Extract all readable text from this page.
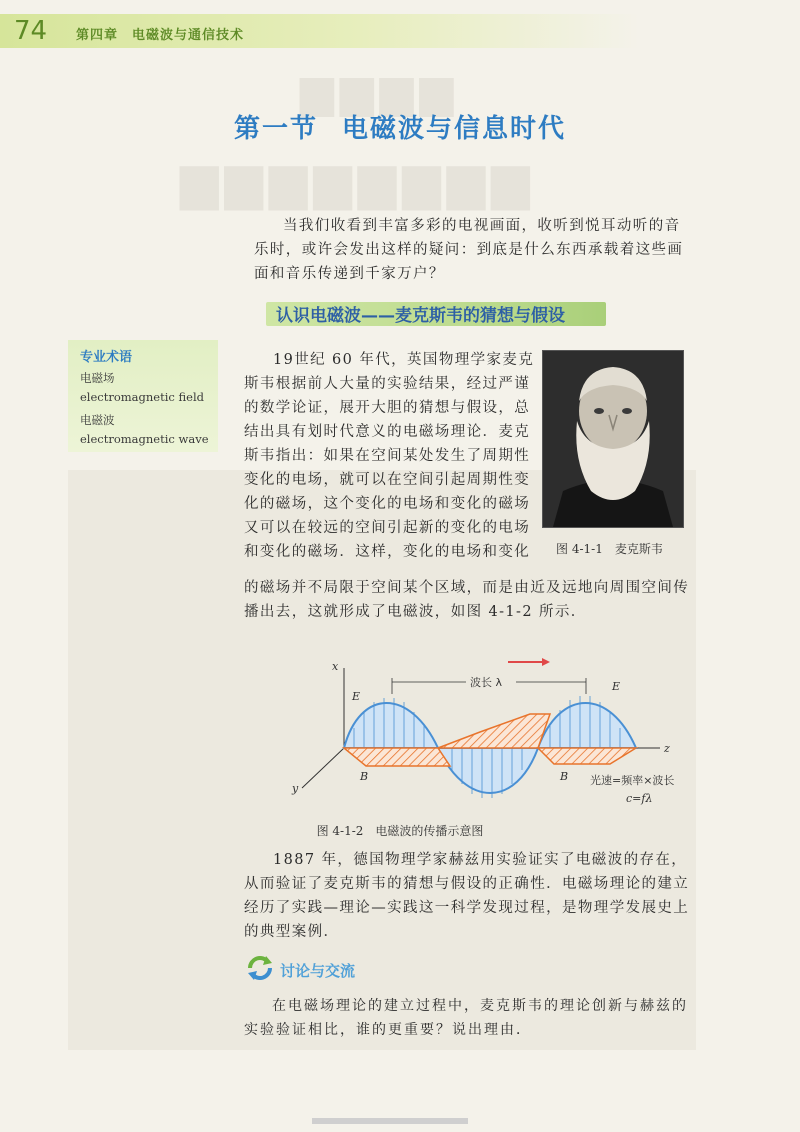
74 第四章 电磁波与通信技术
▆▆▆▆
▆▆▆▆▆▆▆▆
第一节 电磁波与信息时代
当我们收看到丰富多彩的电视画面，收听到悦耳动听的音乐时，或许会发出这样的疑问：到底是什么东西承载着这些画面和音乐传递到千家万户？
认识电磁波——麦克斯韦的猜想与假设
专业术语
电磁场
electromagnetic field
电磁波
electromagnetic wave
19世纪 60 年代，英国物理学家麦克斯韦根据前人大量的实验结果，经过严谨的数学论证，展开大胆的猜想与假设，总结出具有划时代意义的电磁场理论．麦克斯韦指出：如果在空间某处发生了周期性变化的电场，就可以在空间引起周期性变化的磁场，这个变化的电场和变化的磁场又可以在较远的空间引起新的变化的电场和变化的磁场．这样，变化的电场和变化	图 4-1-1　麦克斯韦
的磁场并不局限于空间某个区域，而是由近及远地向周围空间传播出去，这就形成了电磁波，如图 4-1-2 所示．
x
z
y
波长 λ
E
E
B	B 光速=频率×波长
c=fλ
图 4-1-2　电磁波的传播示意图
1887 年，德国物理学家赫兹用实验证实了电磁波的存在，从而验证了麦克斯韦的猜想与假设的正确性．电磁场理论的建立经历了实践—理论—实践这一科学发现过程，是物理学发展史上的典型案例．
讨论与交流
在电磁场理论的建立过程中，麦克斯韦的理论创新与赫兹的实验验证相比，谁的更重要？说出理由．
